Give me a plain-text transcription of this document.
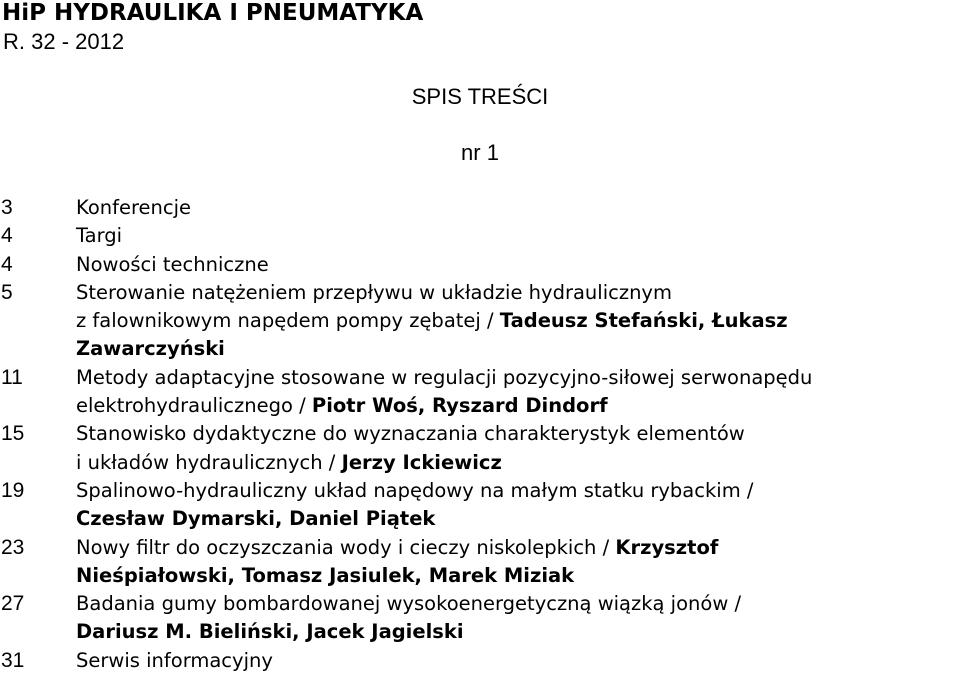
HiP HYDRAULIKA I PNEUMATYKA
R. 32 - 2012
SPIS TREŚCI
nr 1
3	Konferencje
4	Targi
4	Nowości techniczne
5	Sterowanie natężeniem przepływu w układzie hydraulicznym
z falownikowym napędem pompy zębatej / Tadeusz Stefański, Łukasz
Zawarczyński
11	Metody adaptacyjne stosowane w regulacji pozycyjno-siłowej serwonapędu
elektrohydraulicznego / Piotr Woś, Ryszard Dindorf
15	Stanowisko dydaktyczne do wyznaczania charakterystyk elementów
i układów hydraulicznych / Jerzy Ickiewicz
19	Spalinowo-hydrauliczny układ napędowy na małym statku rybackim /
Czesław Dymarski, Daniel Piątek
23	Nowy filtr do oczyszczania wody i cieczy niskolepkich / Krzysztof
Nieśpiałowski, Tomasz Jasiulek, Marek Miziak
27	Badania gumy bombardowanej wysokoenergetyczną wiązką jonów /
Dariusz M. Bieliński, Jacek Jagielski
31	Serwis informacyjny
